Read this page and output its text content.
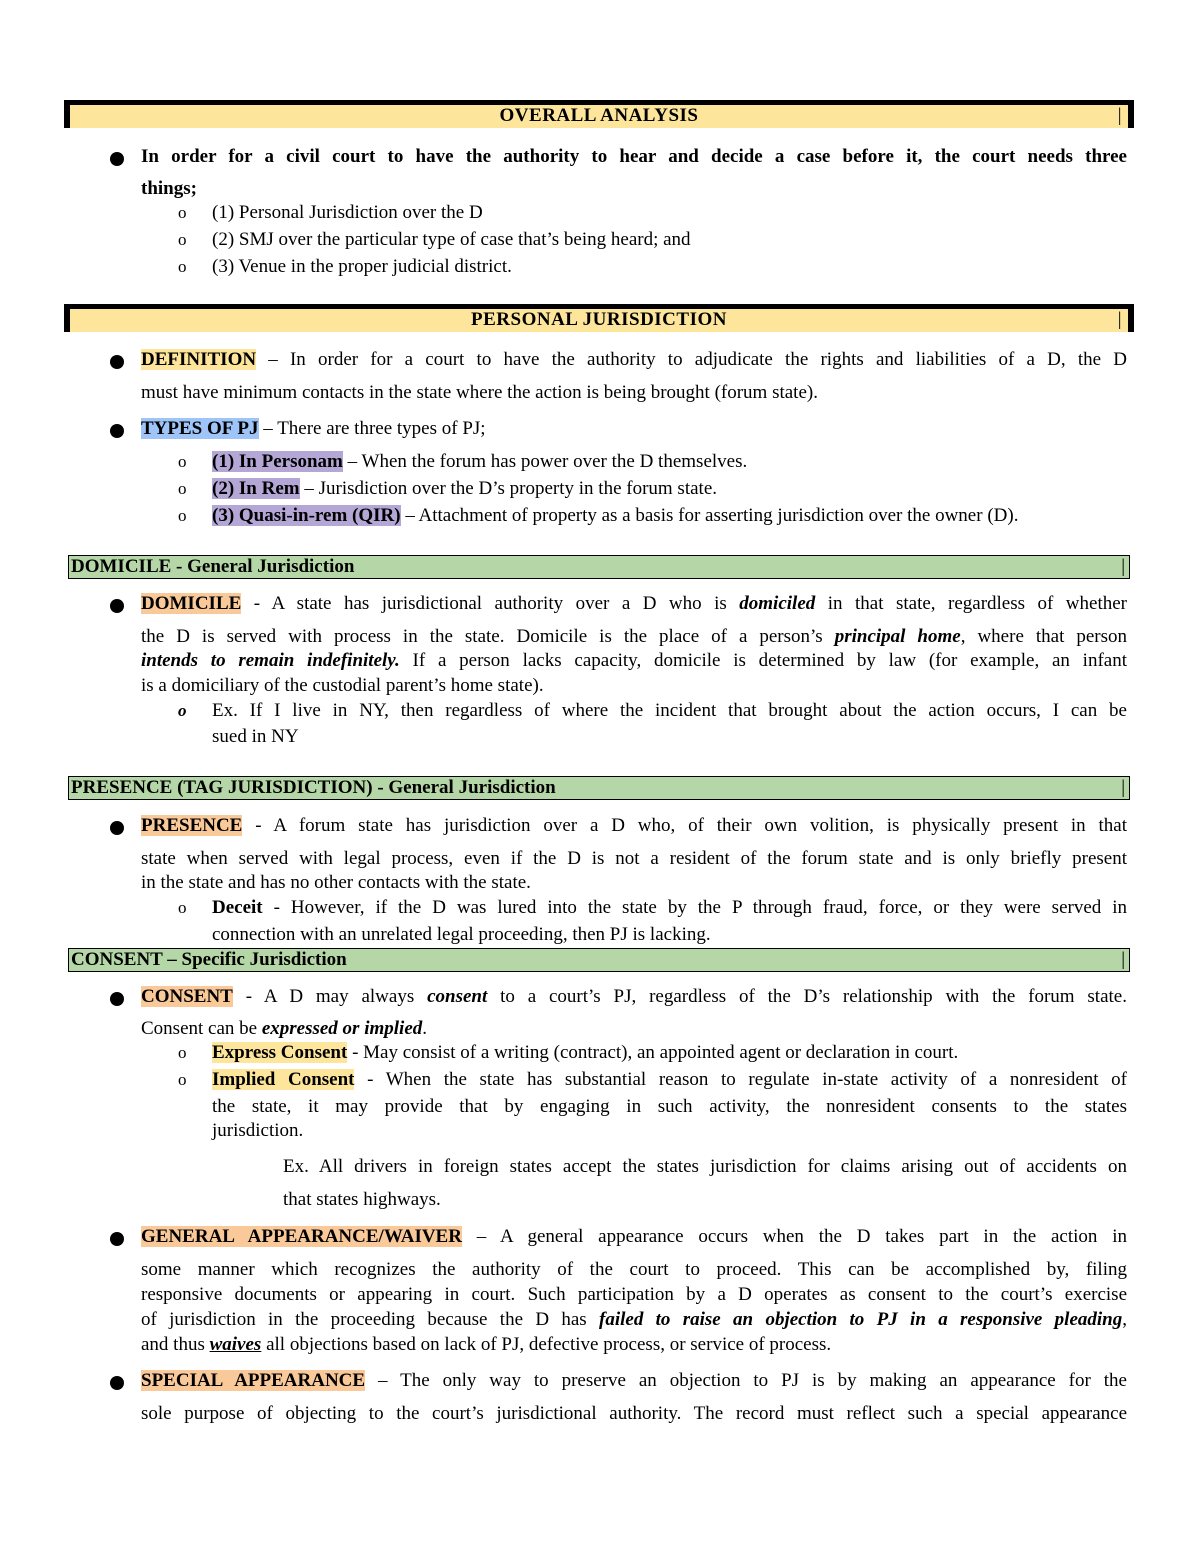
OVERALL ANALYSIS	|
In order for a civil court to have the authority to hear and decide a case before it, the court needs three
things;
o (1) Personal Jurisdiction over the D
o (2) SMJ over the particular type of case that’s being heard; and
o (3) Venue in the proper judicial district.
PERSONAL JURISDICTION	|
DEFINITION – In order for a court to have the authority to adjudicate the rights and liabilities of a D, the D
must have minimum contacts in the state where the action is being brought (forum state).
TYPES OF PJ – There are three types of PJ;
o (1) In Personam – When the forum has power over the D themselves.
o (2) In Rem – Jurisdiction over the D’s property in the forum state.
o (3) Quasi-in-rem (QIR) – Attachment of property as a basis for asserting jurisdiction over the owner (D).
DOMICILE - General Jurisdiction	|
DOMICILE - A state has jurisdictional authority over a D who is domiciled in that state, regardless of whether
the D is served with process in the state. Domicile is the place of a person’s principal home, where that person
intends to remain indefinitely. If a person lacks capacity, domicile is determined by law (for example, an infant
is a domiciliary of the custodial parent’s home state).
o Ex. If I live in NY, then regardless of where the incident that brought about the action occurs, I can be
sued in NY
PRESENCE (TAG JURISDICTION) - General Jurisdiction	|
PRESENCE - A forum state has jurisdiction over a D who, of their own volition, is physically present in that
state when served with legal process, even if the D is not a resident of the forum state and is only briefly present
in the state and has no other contacts with the state.
o Deceit - However, if the D was lured into the state by the P through fraud, force, or they were served in
connection with an unrelated legal proceeding, then PJ is lacking.
CONSENT – Specific Jurisdiction	|
CONSENT - A D may always consent to a court’s PJ, regardless of the D’s relationship with the forum state.
Consent can be expressed or implied.
o Express Consent - May consist of a writing (contract), an appointed agent or declaration in court.
o Implied Consent - When the state has substantial reason to regulate in-state activity of a nonresident of
the state, it may provide that by engaging in such activity, the nonresident consents to the states
jurisdiction.
Ex. All drivers in foreign states accept the states jurisdiction for claims arising out of accidents on
that states highways.
GENERAL APPEARANCE/WAIVER – A general appearance occurs when the D takes part in the action in
some manner which recognizes the authority of the court to proceed. This can be accomplished by, filing
responsive documents or appearing in court. Such participation by a D operates as consent to the court’s exercise
of jurisdiction in the proceeding because the D has failed to raise an objection to PJ in a responsive pleading,
and thus waives all objections based on lack of PJ, defective process, or service of process.
SPECIAL APPEARANCE – The only way to preserve an objection to PJ is by making an appearance for the
sole purpose of objecting to the court’s jurisdictional authority. The record must reflect such a special appearance
